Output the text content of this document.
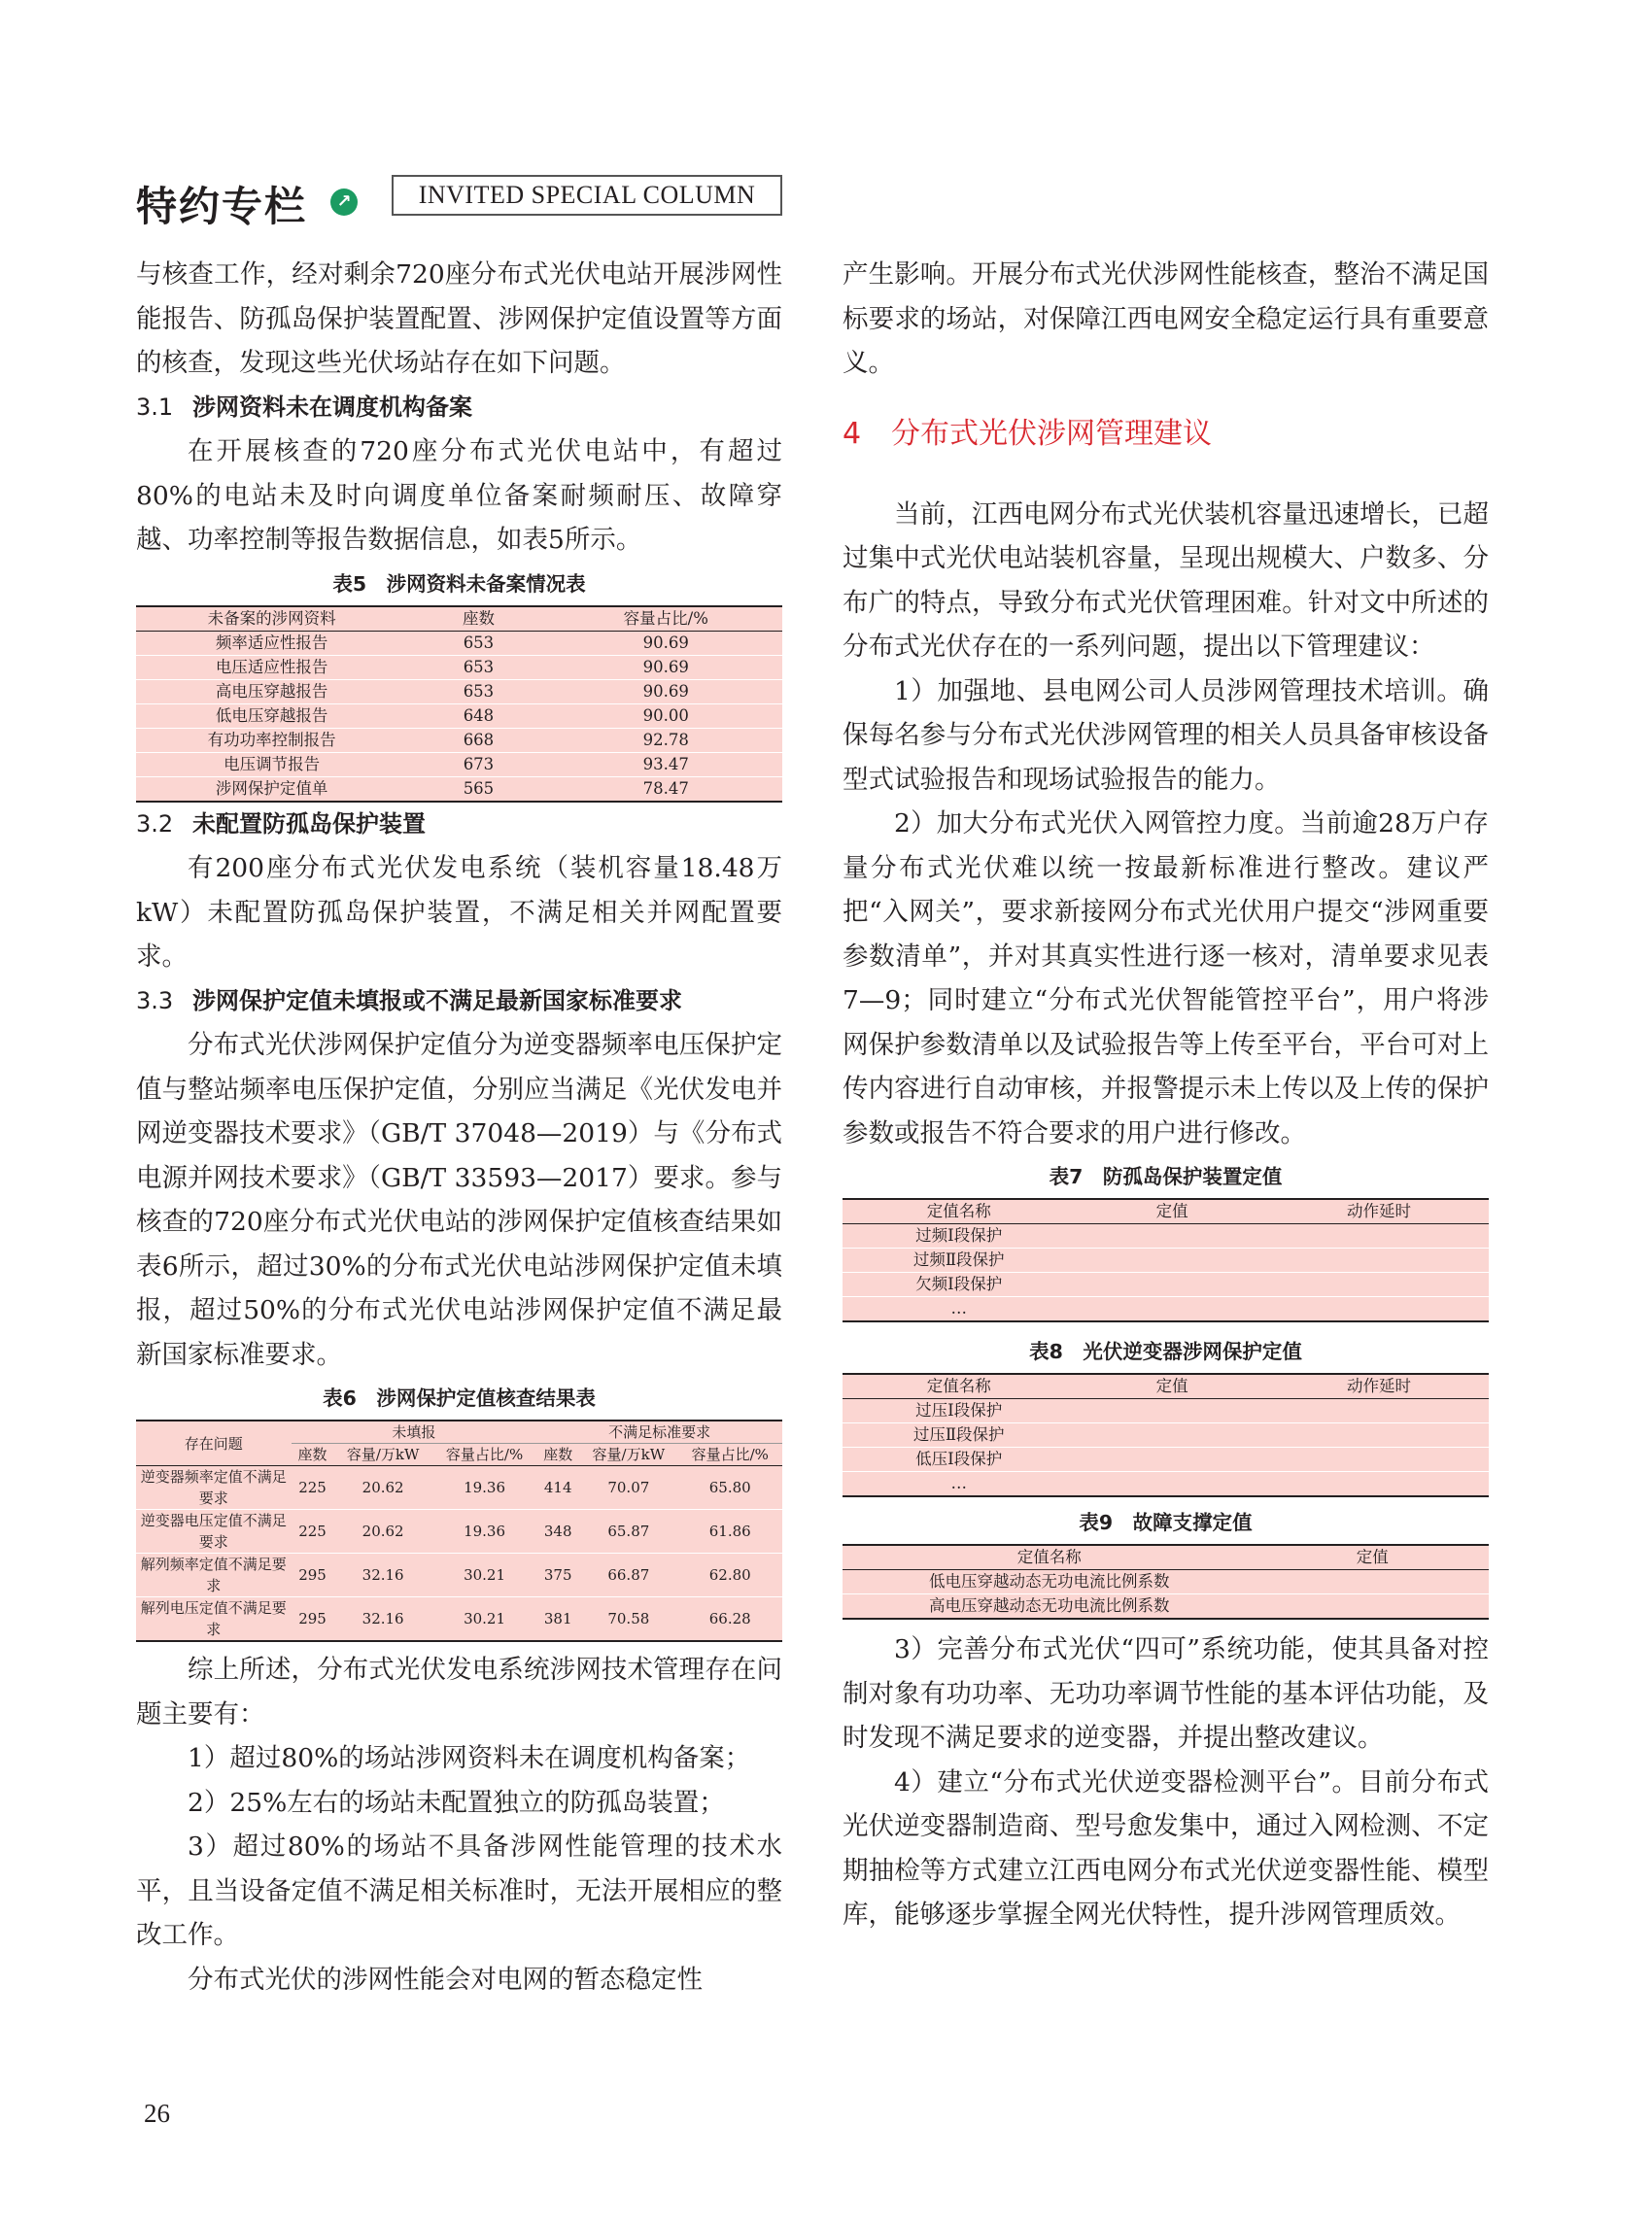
特约专栏	↗	INVITED SPECIAL COLUMN

与核查工作，经对剩余720座分布式光伏电站开展涉网性能报告、防孤岛保护装置配置、涉网保护定值设置等方面的核查，发现这些光伏场站存在如下问题。

3.1 涉网资料未在调度机构备案

在开展核查的720座分布式光伏电站中，有超过80%的电站未及时向调度单位备案耐频耐压、故障穿越、功率控制等报告数据信息，如表5所示。

表5　涉网资料未备案情况表
未备案的涉网资料	座数	容量占比/%
频率适应性报告	653	90.69
电压适应性报告	653	90.69
高电压穿越报告	653	90.69
低电压穿越报告	648	90.00
有功功率控制报告	668	92.78
电压调节报告	673	93.47
涉网保护定值单	565	78.47
3.2 未配置防孤岛保护装置

有200座分布式光伏发电系统（装机容量18.48万kW）未配置防孤岛保护装置，不满足相关并网配置要求。

3.3 涉网保护定值未填报或不满足最新国家标准要求

分布式光伏涉网保护定值分为逆变器频率电压保护定值与整站频率电压保护定值，分别应当满足《光伏发电并网逆变器技术要求》（GB/T 37048—2019）与《分布式电源并网技术要求》（GB/T 33593—2017）要求。参与核查的720座分布式光伏电站的涉网保护定值核查结果如表6所示，超过30%的分布式光伏电站涉网保护定值未填报，超过50%的分布式光伏电站涉网保护定值不满足最新国家标准要求。

表6　涉网保护定值核查结果表
存在问题	未填报			不满足标准要求		
	座数	容量/万kW	容量占比/%	座数	容量/万kW	容量占比/%
逆变器频率定值不满足要求	225	20.62	19.36	414	70.07	65.80
逆变器电压定值不满足要求	225	20.62	19.36	348	65.87	61.86
解列频率定值不满足要求	295	32.16	30.21	375	66.87	62.80
解列电压定值不满足要求	295	32.16	30.21	381	70.58	66.28

综上所述，分布式光伏发电系统涉网技术管理存在问题主要有：

1）超过80%的场站涉网资料未在调度机构备案；

2）25%左右的场站未配置独立的防孤岛装置；

3）超过80%的场站不具备涉网性能管理的技术水平，且当设备定值不满足相关标准时，无法开展相应的整改工作。

分布式光伏的涉网性能会对电网的暂态稳定性

产生影响。开展分布式光伏涉网性能核查，整治不满足国标要求的场站，对保障江西电网安全稳定运行具有重要意义。

4 分布式光伏涉网管理建议

当前，江西电网分布式光伏装机容量迅速增长，已超过集中式光伏电站装机容量，呈现出规模大、户数多、分布广的特点，导致分布式光伏管理困难。针对文中所述的分布式光伏存在的一系列问题，提出以下管理建议：

1）加强地、县电网公司人员涉网管理技术培训。确保每名参与分布式光伏涉网管理的相关人员具备审核设备型式试验报告和现场试验报告的能力。

2）加大分布式光伏入网管控力度。当前逾28万户存量分布式光伏难以统一按最新标准进行整改。建议严把“入网关”，要求新接网分布式光伏用户提交“涉网重要参数清单”，并对其真实性进行逐一核对，清单要求见表7—9；同时建立“分布式光伏智能管控平台”，用户将涉网保护参数清单以及试验报告等上传至平台，平台可对上传内容进行自动审核，并报警提示未上传以及上传的保护参数或报告不符合要求的用户进行修改。

表7　防孤岛保护装置定值
定值名称	定值	动作延时
过频Ⅰ段保护		
过频Ⅱ段保护		
欠频Ⅰ段保护		
…		
表8　光伏逆变器涉网保护定值
定值名称	定值	动作延时
过压Ⅰ段保护		
过压Ⅱ段保护		
低压Ⅰ段保护		
…		
表9　故障支撑定值
定值名称	定值
低电压穿越动态无功电流比例系数	
高电压穿越动态无功电流比例系数	

3）完善分布式光伏“四可”系统功能，使其具备对控制对象有功功率、无功功率调节性能的基本评估功能，及时发现不满足要求的逆变器，并提出整改建议。

4）建立“分布式光伏逆变器检测平台”。目前分布式光伏逆变器制造商、型号愈发集中，通过入网检测、不定期抽检等方式建立江西电网分布式光伏逆变器性能、模型库，能够逐步掌握全网光伏特性，提升涉网管理质效。

26
